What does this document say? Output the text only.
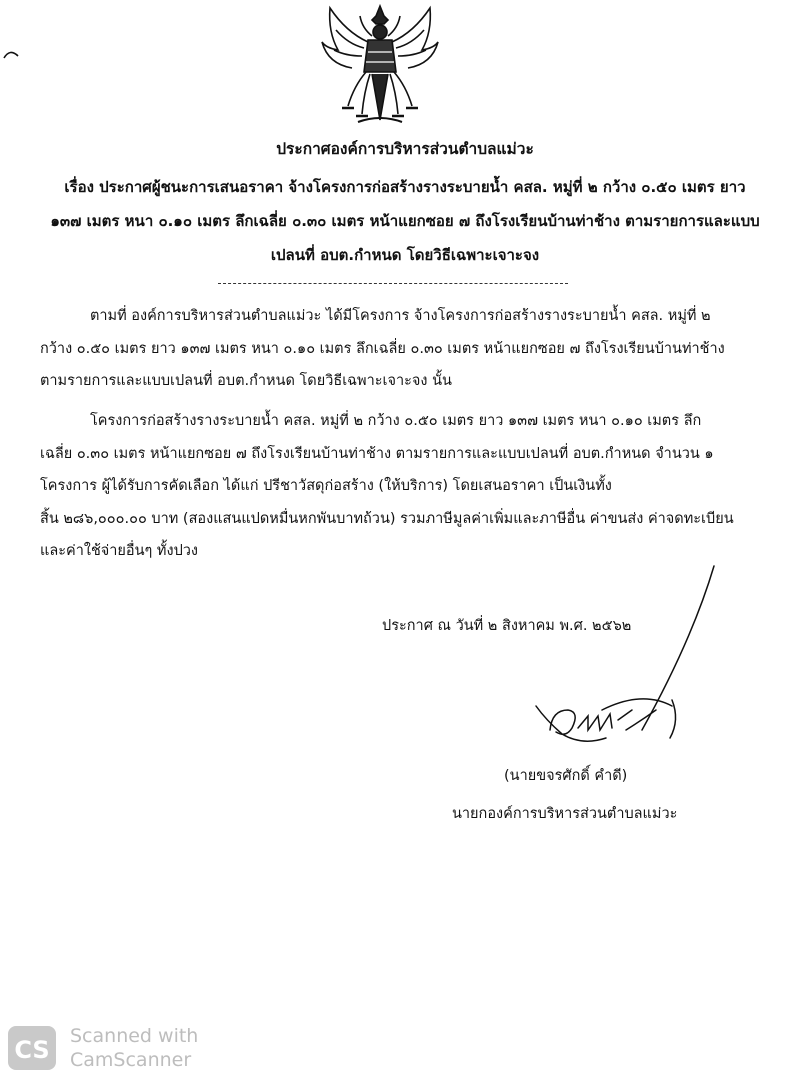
ประกาศองค์การบริหารส่วนตำบลแม่วะ
เรื่อง ประกาศผู้ชนะการเสนอราคา จ้างโครงการก่อสร้างรางระบายน้ำ คสล. หมู่ที่ ๒ กว้าง ๐.๕๐ เมตร ยาว
๑๓๗ เมตร หนา ๐.๑๐ เมตร ลึกเฉลี่ย ๐.๓๐ เมตร หน้าแยกซอย ๗ ถึงโรงเรียนบ้านท่าช้าง ตามรายการและแบบ
เปลนที่ อบต.กำหนด โดยวิธีเฉพาะเจาะจง
ตามที่ องค์การบริหารส่วนตำบลแม่วะ ได้มีโครงการ จ้างโครงการก่อสร้างรางระบายน้ำ คสล. หมู่ที่ ๒
กว้าง ๐.๕๐ เมตร ยาว ๑๓๗ เมตร หนา ๐.๑๐ เมตร ลึกเฉลี่ย ๐.๓๐ เมตร หน้าแยกซอย ๗ ถึงโรงเรียนบ้านท่าช้าง
ตามรายการและแบบเปลนที่ อบต.กำหนด โดยวิธีเฉพาะเจาะจง นั้น
โครงการก่อสร้างรางระบายน้ำ คสล. หมู่ที่ ๒ กว้าง ๐.๕๐ เมตร ยาว ๑๓๗ เมตร หนา ๐.๑๐ เมตร ลึก
เฉลี่ย ๐.๓๐ เมตร หน้าแยกซอย ๗ ถึงโรงเรียนบ้านท่าช้าง ตามรายการและแบบเปลนที่ อบต.กำหนด จำนวน ๑
โครงการ ผู้ได้รับการคัดเลือก ได้แก่ ปรีชาวัสดุก่อสร้าง (ให้บริการ) โดยเสนอราคา เป็นเงินทั้ง
สิ้น ๒๘๖,๐๐๐.๐๐ บาท (สองแสนแปดหมื่นหกพันบาทถ้วน) รวมภาษีมูลค่าเพิ่มและภาษีอื่น ค่าขนส่ง ค่าจดทะเบียน
และค่าใช้จ่ายอื่นๆ ทั้งปวง
ประกาศ ณ วันที่ ๒ สิงหาคม พ.ศ. ๒๕๖๒
(นายขจรศักดิ์ คำดี)
นายกองค์การบริหารส่วนตำบลแม่วะ
CS Scanned with
CamScanner
